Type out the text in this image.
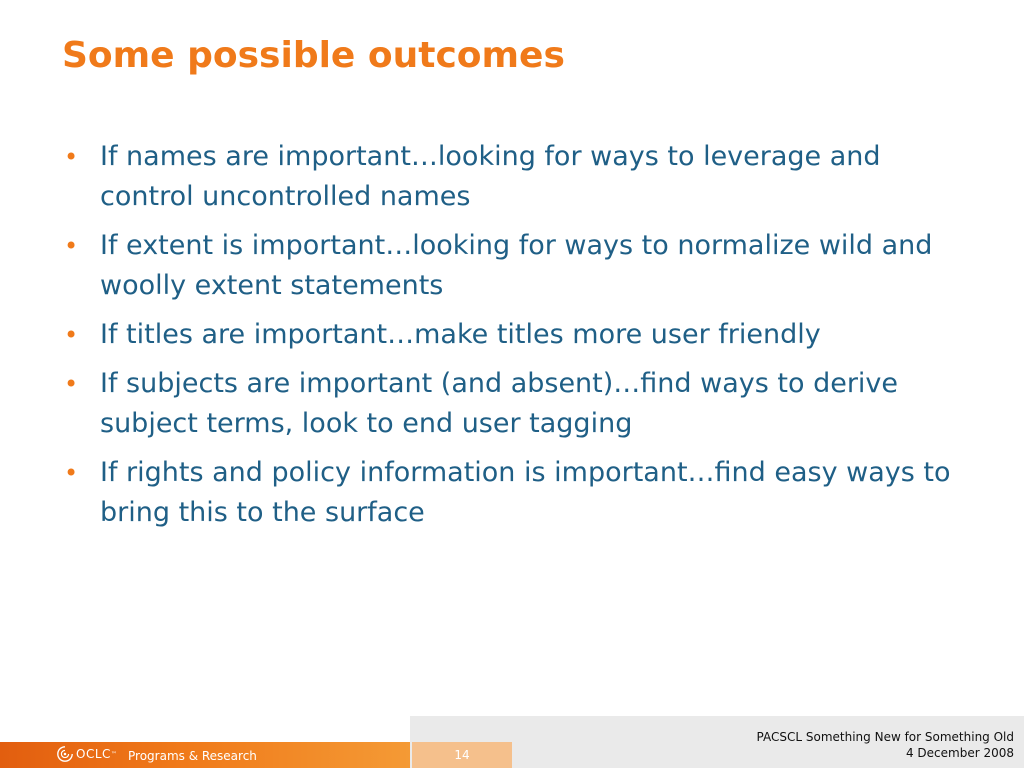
Some possible outcomes
• If names are important…looking for ways to leverage and control uncontrolled names
• If extent is important…looking for ways to normalize wild and woolly extent statements
• If titles are important…make titles more user friendly
• If subjects are important (and absent)…find ways to derive subject terms, look to end user tagging
• If rights and policy information is important…find easy ways to bring this to the surface
14
OCLC ™ Programs & Research
PACSCL Something New for Something Old
4 December 2008
